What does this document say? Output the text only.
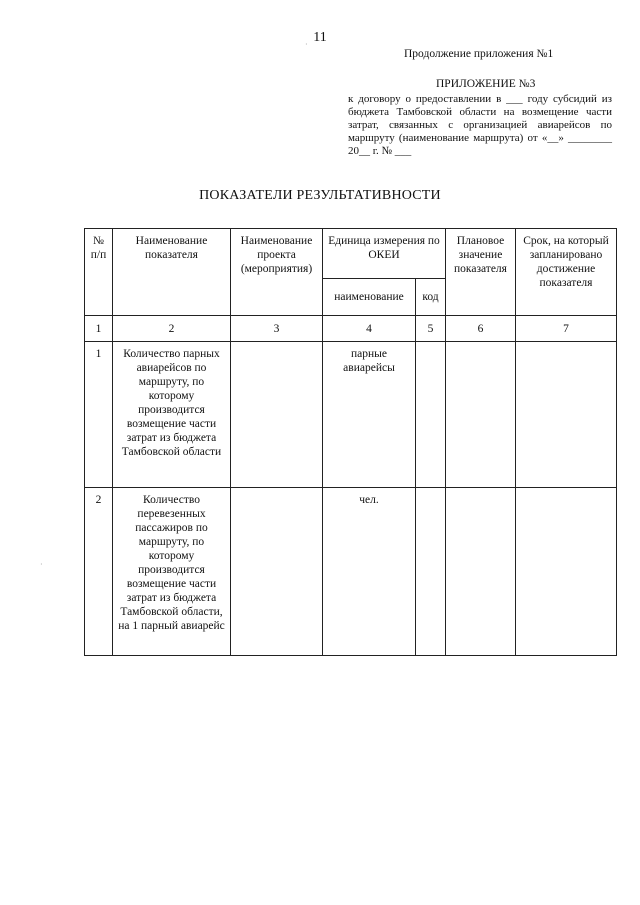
11
Продолжение приложения №1
ПРИЛОЖЕНИЕ №3
к договору о предоставлении в ___ году субсидий из бюджета Тамбовской области на возмещение части затрат, связанных с организацией авиарейсов по маршруту (наименование маршрута) от «__» ________ 20__ г. № ___
ПОКАЗАТЕЛИ РЕЗУЛЬТАТИВНОСТИ
№ п/п	Наименование показателя	Наименование проекта (мероприятия)	Единица измерения по ОКЕИ		Плановое значение показателя	Срок, на который запланировано достижение показателя
			наименование	код		
1	2	3	4	5	6	7
1	Количество парных авиарейсов по маршруту, по которому производится возмещение части затрат из бюджета Тамбовской области		парные авиарейсы			
2	Количество перевезенных пассажиров по маршруту, по которому производится возмещение части затрат из бюджета Тамбовской области, на 1 парный авиарейс		чел.			
·
·
